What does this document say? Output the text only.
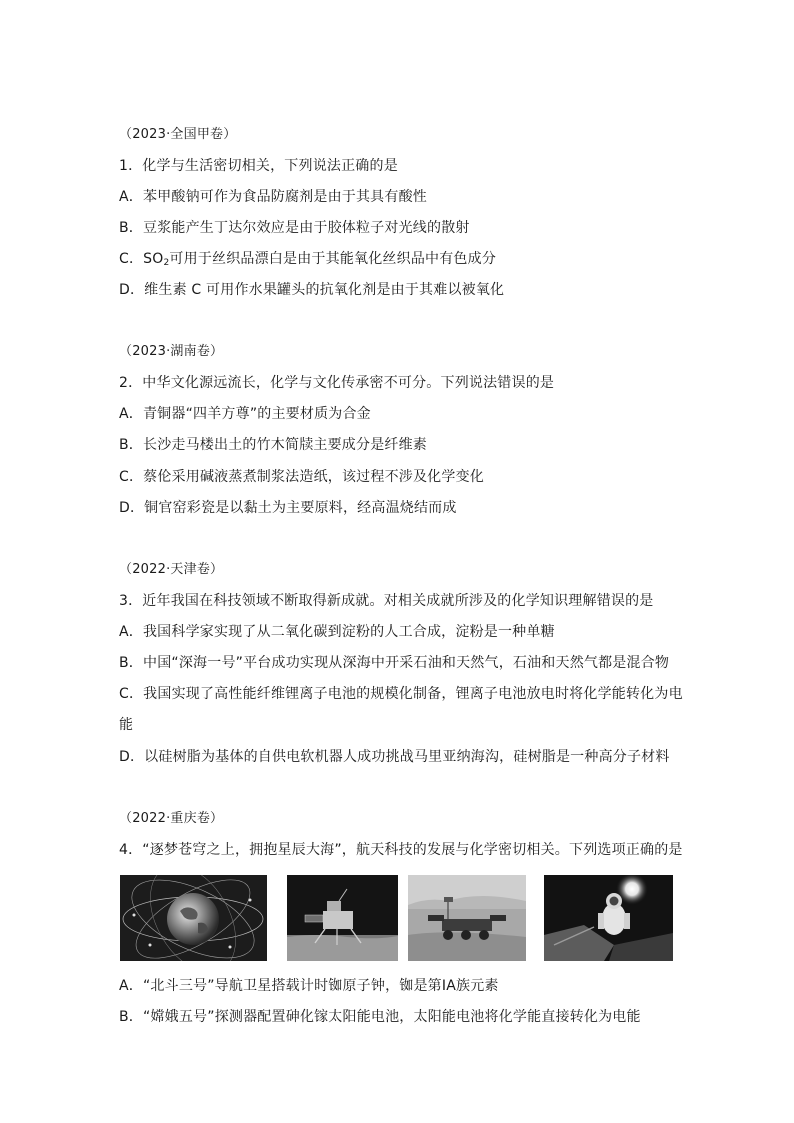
（2023·全国甲卷）
1．化学与生活密切相关，下列说法正确的是
A．苯甲酸钠可作为食品防腐剂是由于其具有酸性
B．豆浆能产生丁达尔效应是由于胶体粒子对光线的散射
C．$SO_2$可用于丝织品漂白是由于其能氧化丝织品中有色成分
D．维生素 C 可用作水果罐头的抗氧化剂是由于其难以被氧化
（2023·湖南卷）
2．中华文化源远流长，化学与文化传承密不可分。下列说法错误的是
A．青铜器“四羊方尊”的主要材质为合金
B．长沙走马楼出土的竹木简牍主要成分是纤维素
C．蔡伦采用碱液蒸煮制浆法造纸，该过程不涉及化学变化
D．铜官窑彩瓷是以黏土为主要原料，经高温烧结而成
（2022·天津卷）
3．近年我国在科技领域不断取得新成就。对相关成就所涉及的化学知识理解错误的是
A．我国科学家实现了从二氧化碳到淀粉的人工合成，淀粉是一种单糖
B．中国“深海一号”平台成功实现从深海中开采石油和天然气，石油和天然气都是混合物
C．我国实现了高性能纤维锂离子电池的规模化制备，锂离子电池放电时将化学能转化为电
能
D．以硅树脂为基体的自供电软机器人成功挑战马里亚纳海沟，硅树脂是一种高分子材料
（2022·重庆卷）
4．“逐梦苍穹之上，拥抱星辰大海”，航天科技的发展与化学密切相关。下列选项正确的是
A．“北斗三号”导航卫星搭载计时铷原子钟，铷是第ⅠA族元素
B．“嫦娥五号”探测器配置砷化镓太阳能电池，太阳能电池将化学能直接转化为电能
